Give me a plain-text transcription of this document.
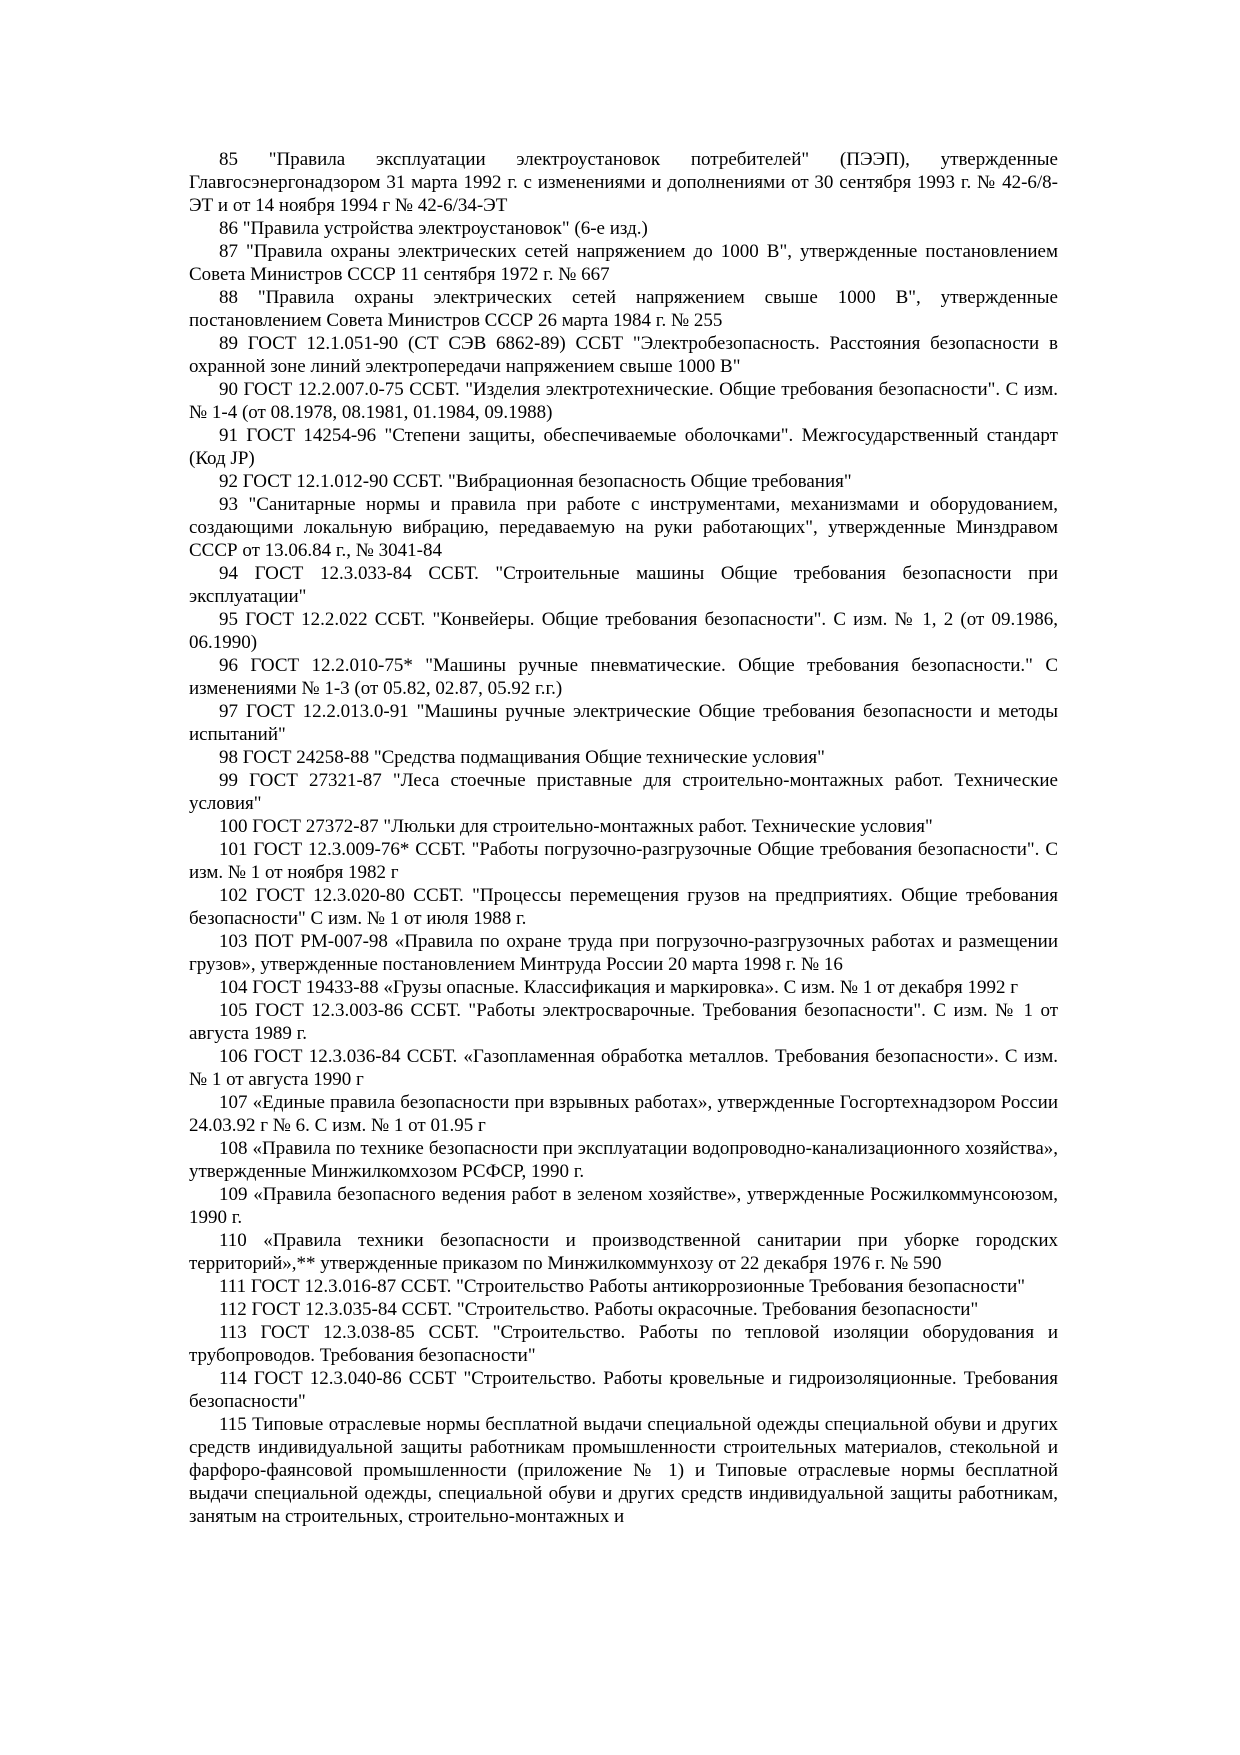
85 "Правила эксплуатации электроустановок потребителей" (ПЭЭП), утвержденные Главгосэнергонадзором 31 марта 1992 г. с изменениями и дополнениями от 30 сентября 1993 г. № 42-6/8-ЭТ и от 14 ноября 1994 г № 42-6/34-ЭТ

86 "Правила устройства электроустановок" (6-е изд.)

87 "Правила охраны электрических сетей напряжением до 1000 В", утвержденные постановлением Совета Министров СССР 11 сентября 1972 г. № 667

88 "Правила охраны электрических сетей напряжением свыше 1000 В", утвержденные постановлением Совета Министров СССР 26 марта 1984 г. № 255

89 ГОСТ 12.1.051-90 (СТ СЭВ 6862-89) ССБТ "Электробезопасность. Расстояния безопасности в охранной зоне линий электропередачи напряжением свыше 1000 В"

90 ГОСТ 12.2.007.0-75 ССБТ. "Изделия электротехнические. Общие требования безопасности". С изм. № 1-4 (от 08.1978, 08.1981, 01.1984, 09.1988)

91 ГОСТ 14254-96 "Степени защиты, обеспечиваемые оболочками". Межгосударственный стандарт (Код JP)

92 ГОСТ 12.1.012-90 ССБТ. "Вибрационная безопасность Общие требования"

93 "Санитарные нормы и правила при работе с инструментами, механизмами и оборудованием, создающими локальную вибрацию, передаваемую на руки работающих", утвержденные Минздравом СССР от 13.06.84 г., № 3041-84

94 ГОСТ 12.3.033-84 ССБТ. "Строительные машины Общие требования безопасности при эксплуатации"

95 ГОСТ 12.2.022 ССБТ. "Конвейеры. Общие требования безопасности". С изм. № 1, 2 (от 09.1986, 06.1990)

96 ГОСТ 12.2.010-75* "Машины ручные пневматические. Общие требования безопасности." С изменениями № 1-3 (от 05.82, 02.87, 05.92 г.г.)

97 ГОСТ 12.2.013.0-91 "Машины ручные электрические Общие требования безопасности и методы испытаний"

98 ГОСТ 24258-88 "Средства подмащивания Общие технические условия"

99 ГОСТ 27321-87 "Леса стоечные приставные для строительно-монтажных работ. Технические условия"

100 ГОСТ 27372-87 "Люльки для строительно-монтажных работ. Технические условия"

101 ГОСТ 12.3.009-76* ССБТ. "Работы погрузочно-разгрузочные Общие требования безопасности". С изм. № 1 от ноября 1982 г

102 ГОСТ 12.3.020-80 ССБТ. "Процессы перемещения грузов на предприятиях. Общие требования безопасности" С изм. № 1 от июля 1988 г.

103 ПОТ РМ-007-98 «Правила по охране труда при погрузочно-разгрузочных работах и размещении грузов», утвержденные постановлением Минтруда России 20 марта 1998 г. № 16

104 ГОСТ 19433-88 «Грузы опасные. Классификация и маркировка». С изм. № 1 от декабря 1992 г

105 ГОСТ 12.3.003-86 ССБТ. "Работы электросварочные. Требования безопасности". С изм. № 1 от августа 1989 г.

106 ГОСТ 12.3.036-84 ССБТ. «Газопламенная обработка металлов. Требования безопасности». С изм. № 1 от августа 1990 г

107 «Единые правила безопасности при взрывных работах», утвержденные Госгортехнадзором России 24.03.92 г № 6. С изм. № 1 от 01.95 г

108 «Правила по технике безопасности при эксплуатации водопроводно-канализационного хозяйства», утвержденные Минжилкомхозом РСФСР, 1990 г.

109 «Правила безопасного ведения работ в зеленом хозяйстве», утвержденные Росжилкоммунсоюзом, 1990 г.

110 «Правила техники безопасности и производственной санитарии при уборке городских территорий»,** утвержденные приказом по Минжилкоммунхозу от 22 декабря 1976 г. № 590

111 ГОСТ 12.3.016-87 ССБТ. "Строительство Работы антикоррозионные Требования безопасности"

112 ГОСТ 12.3.035-84 ССБТ. "Строительство. Работы окрасочные. Требования безопасности"

113 ГОСТ 12.3.038-85 ССБТ. "Строительство. Работы по тепловой изоляции оборудования и трубопроводов. Требования безопасности"

114 ГОСТ 12.3.040-86 ССБТ "Строительство. Работы кровельные и гидроизоляционные. Требования безопасности"

115 Типовые отраслевые нормы бесплатной выдачи специальной одежды специальной обуви и других средств индивидуальной защиты работникам промышленности строительных материалов, стекольной и фарфоро-фаянсовой промышленности (приложение № 1) и Типовые отраслевые нормы бесплатной выдачи специальной одежды, специальной обуви и других средств индивидуальной защиты работникам, занятым на строительных, строительно-монтажных и
